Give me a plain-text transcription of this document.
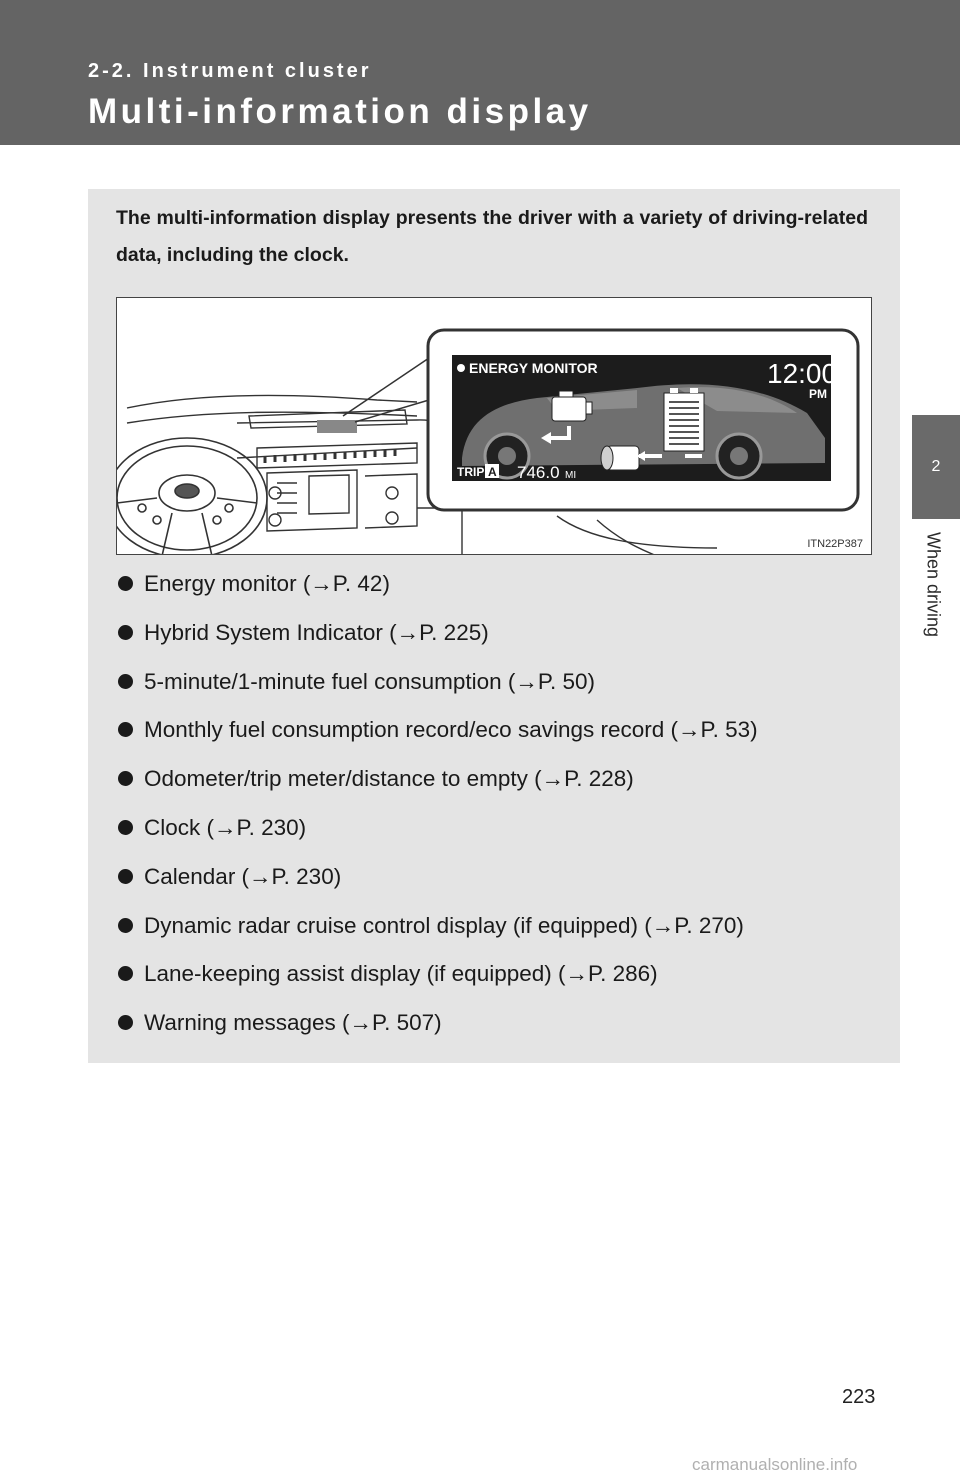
2-2. Instrument cluster
Multi-information display
2
When driving
The multi-information display presents the driver with a variety of driving-related data, including the clock.
ENERGY MONITOR	12:00
PM
TRIP A 746.0 MI
ITN22P387
Energy monitor (→P. 42)
Hybrid System Indicator (→P. 225)
5-minute/1-minute fuel consumption (→P. 50)
Monthly fuel consumption record/eco savings record (→P. 53)
Odometer/trip meter/distance to empty (→P. 228)
Clock (→P. 230)
Calendar (→P. 230)
Dynamic radar cruise control display (if equipped) (→P. 270)
Lane-keeping assist display (if equipped) (→P. 286)
Warning messages (→P. 507)
223
carmanualsonline.info
